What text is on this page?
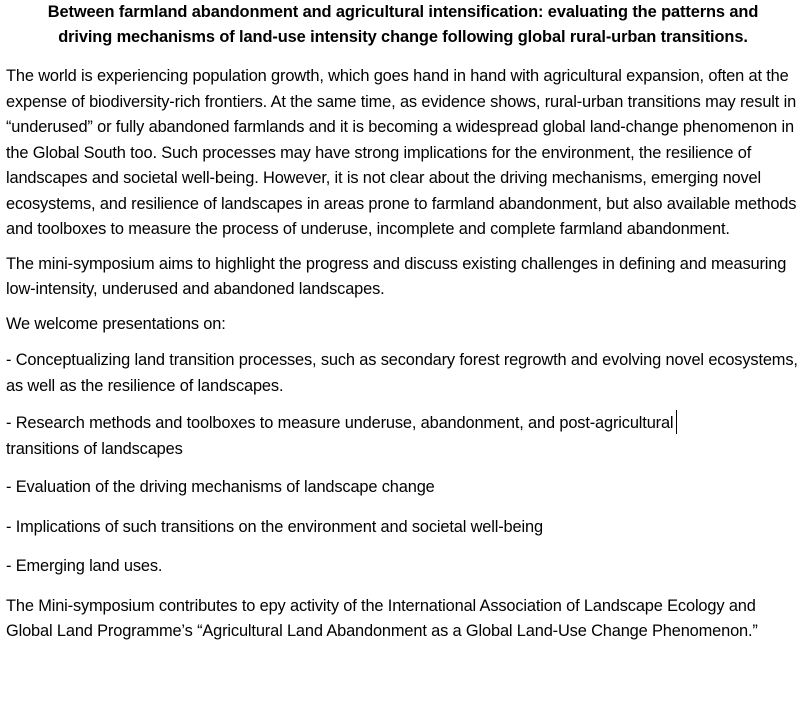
Between farmland abandonment and agricultural intensification: evaluating the patterns and
driving mechanisms of land-use intensity change following global rural-urban transitions.

The world is experiencing population growth, which goes hand in hand with agricultural expansion, often at the expense of biodiversity-rich frontiers. At the same time, as evidence shows, rural-urban transitions may result in “underused” or fully abandoned farmlands and it is becoming a widespread global land-change phenomenon in the Global South too. Such processes may have strong implications for the environment, the resilience of landscapes and societal well-being. However, it is not clear about the driving mechanisms, emerging novel ecosystems, and resilience of landscapes in areas prone to farmland abandonment, but also available methods and toolboxes to measure the process of underuse, incomplete and complete farmland abandonment.

The mini-symposium aims to highlight the progress and discuss existing challenges in defining and measuring low-intensity, underused and abandoned landscapes.

We welcome presentations on:

- Conceptualizing land transition processes, such as secondary forest regrowth and evolving novel ecosystems, as well as the resilience of landscapes.

- Research methods and toolboxes to measure underuse, abandonment, and post-agricultural
transitions of landscapes

- Evaluation of the driving mechanisms of landscape change

- Implications of such transitions on the environment and societal well-being

- Emerging land uses.

The Mini-symposium contributes to epy activity of the International Association of Landscape Ecology and Global Land Programme’s “Agricultural Land Abandonment as a Global Land-Use Change Phenomenon.”
